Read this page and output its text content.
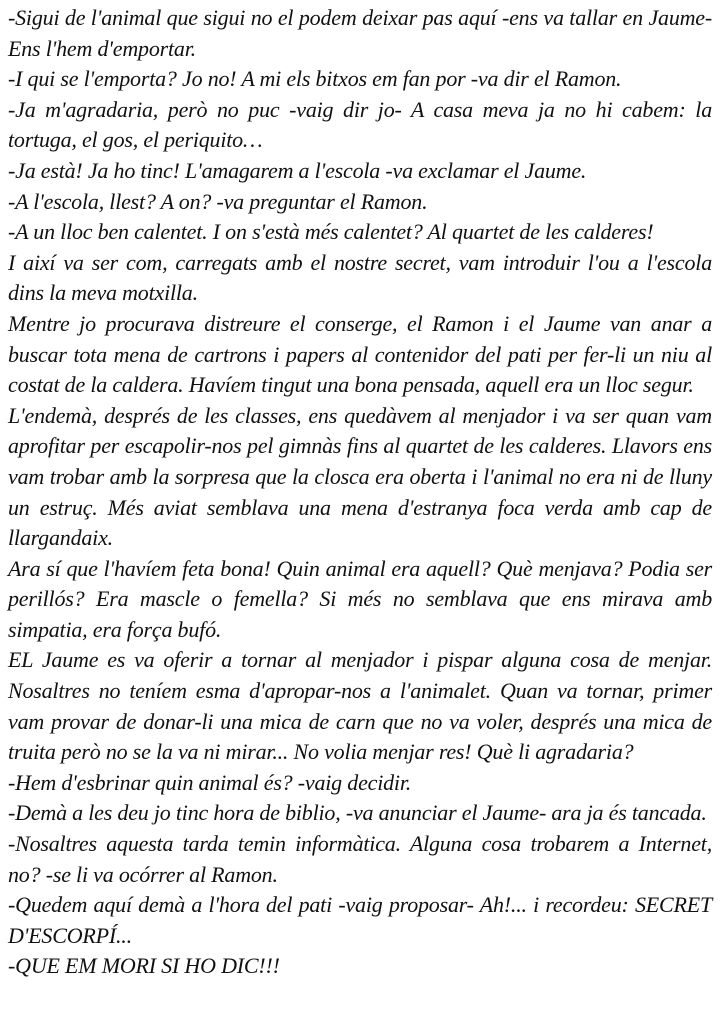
-Sigui de l'animal que sigui no el podem deixar pas aquí -ens va tallar en Jaume- Ens l'hem d'emportar.

-I qui se l'emporta? Jo no! A mi els bitxos em fan por -va dir el Ramon.

-Ja m'agradaria, però no puc -vaig dir jo- A casa meva ja no hi cabem: la tortuga, el gos, el periquito…

-Ja està! Ja ho tinc! L'amagarem a l'escola -va exclamar el Jaume.

-A l'escola, llest? A on? -va preguntar el Ramon.

-A un lloc ben calentet. I on s'està més calentet? Al quartet de les calderes!

I així va ser com, carregats amb el nostre secret, vam introduir l'ou a l'escola dins la meva motxilla.

Mentre jo procurava distreure el conserge, el Ramon i el Jaume van anar a buscar tota mena de cartrons i papers al contenidor del pati per fer-li un niu al costat de la caldera. Havíem tingut una bona pensada, aquell era un lloc segur.

L'endemà, després de les classes, ens quedàvem al menjador i va ser quan vam aprofitar per escapolir-nos pel gimnàs fins al quartet de les calderes. Llavors ens vam trobar amb la sorpresa que la closca era oberta i l'animal no era ni de lluny un estruç. Més aviat semblava una mena d'estranya foca verda amb cap de llargandaix.

Ara sí que l'havíem feta bona! Quin animal era aquell? Què menjava? Podia ser perillós? Era mascle o femella? Si més no semblava que ens mirava amb simpatia, era força bufó.

EL Jaume es va oferir a tornar al menjador i pispar alguna cosa de menjar. Nosaltres no teníem esma d'apropar-nos a l'animalet. Quan va tornar, primer vam provar de donar-li una mica de carn que no va voler, després una mica de truita però no se la va ni mirar... No volia menjar res! Què li agradaria?

-Hem d'esbrinar quin animal és? -vaig decidir.

-Demà a les deu jo tinc hora de biblio, -va anunciar el Jaume- ara ja és tancada.

-Nosaltres aquesta tarda temin informàtica. Alguna cosa trobarem a Internet, no? -se li va ocórrer al Ramon.

-Quedem aquí demà a l'hora del pati -vaig proposar- Ah!... i recordeu: SECRET D'ESCORPÍ...

-QUE EM MORI SI HO DIC!!!
